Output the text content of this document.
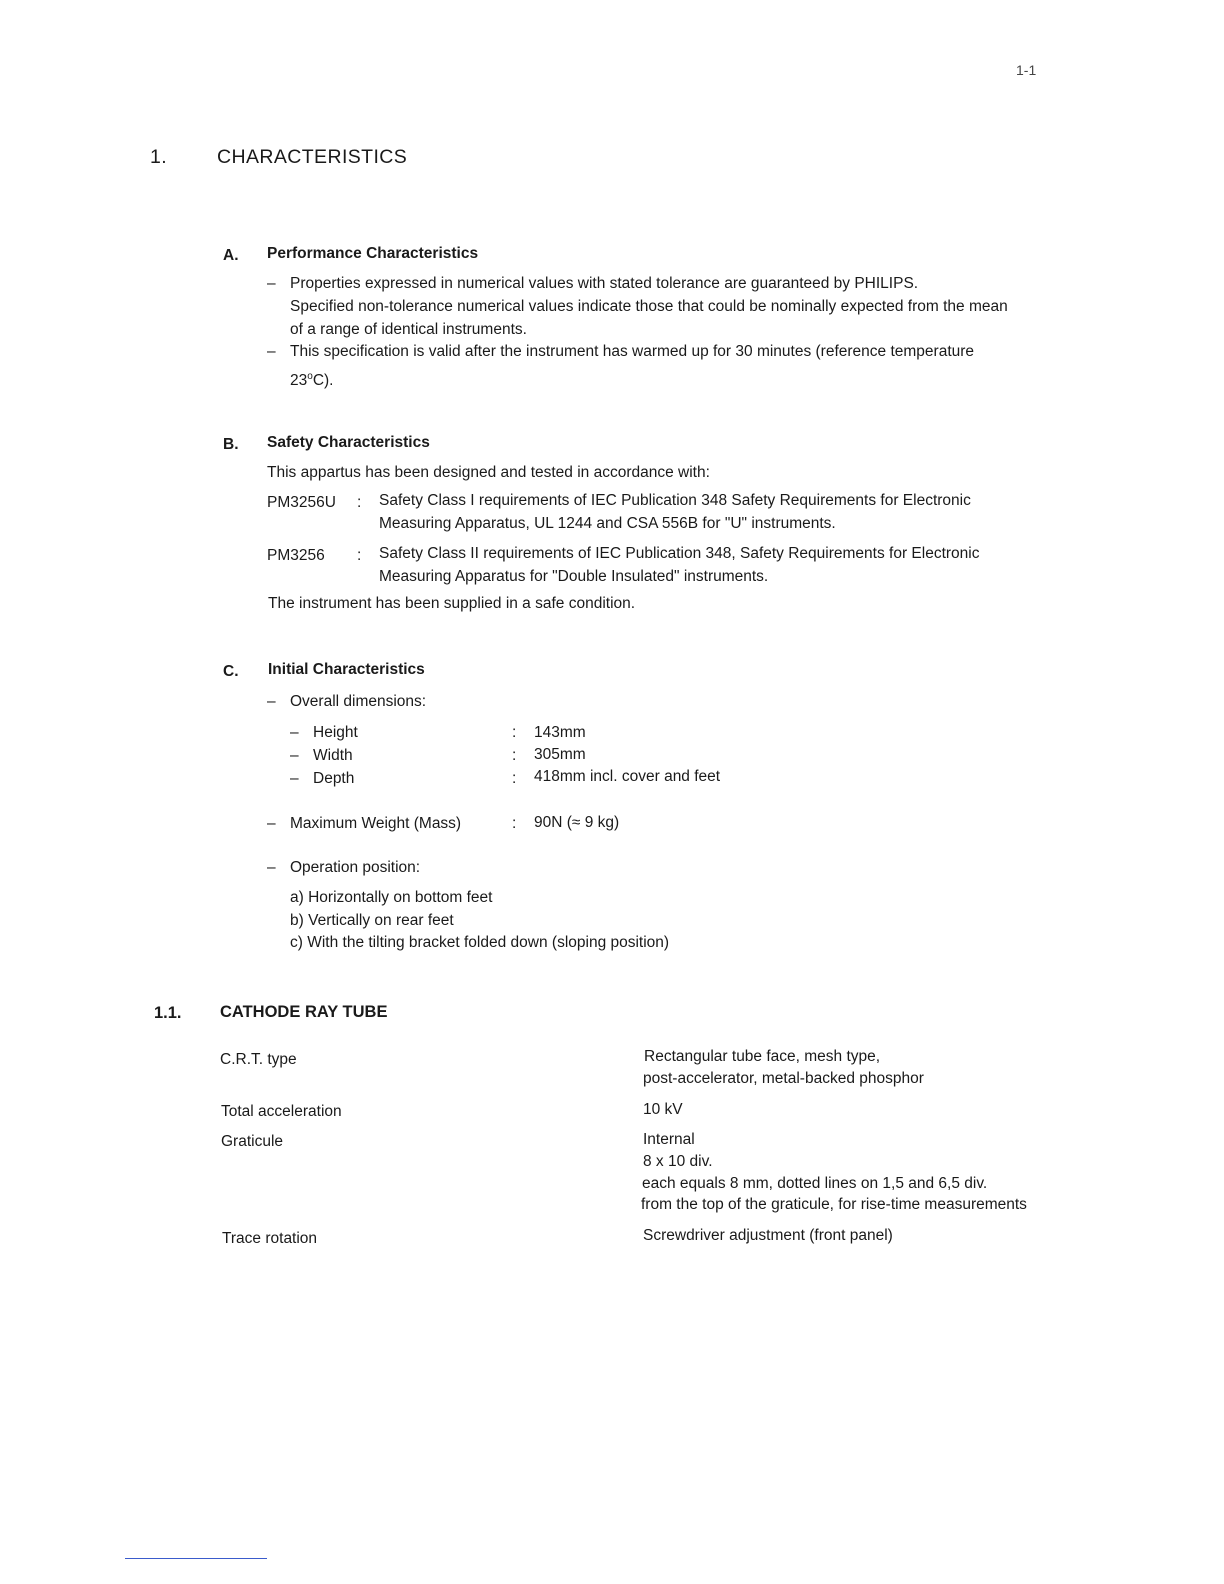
1-1
1.	CHARACTERISTICS
A. Performance Characteristics
– Properties expressed in numerical values with stated tolerance are guaranteed by PHILIPS.
Specified non-tolerance numerical values indicate those that could be nominally expected from the mean
of a range of identical instruments.
– This specification is valid after the instrument has warmed up for 30 minutes (reference temperature
23$^o$C).
B. Safety Characteristics
This appartus has been designed and tested in accordance with:
PM3256U : Safety Class I requirements of IEC Publication 348 Safety Requirements for Electronic
Measuring Apparatus, UL 1244 and CSA 556B for "U" instruments.
PM3256 : Safety Class II requirements of IEC Publication 348, Safety Requirements for Electronic
Measuring Apparatus for "Double Insulated" instruments.
The instrument has been supplied in a safe condition.
C. Initial Characteristics
– Overall dimensions:
– Height	: 143mm
– Width	: 305mm
– Depth	: 418mm incl. cover and feet
– Maximum Weight (Mass)	: 90N (≈ 9 kg)
– Operation position:
a) Horizontally on bottom feet
b) Vertically on rear feet
c) With the tilting bracket folded down (sloping position)
1.1. CATHODE RAY TUBE
C.R.T. type	Rectangular tube face, mesh type,
post-accelerator, metal-backed phosphor
Total acceleration	10 kV
Graticule	Internal
8 x 10 div.
each equals 8 mm, dotted lines on 1,5 and 6,5 div.
from the top of the graticule, for rise-time measurements
Trace rotation	Screwdriver adjustment (front panel)
